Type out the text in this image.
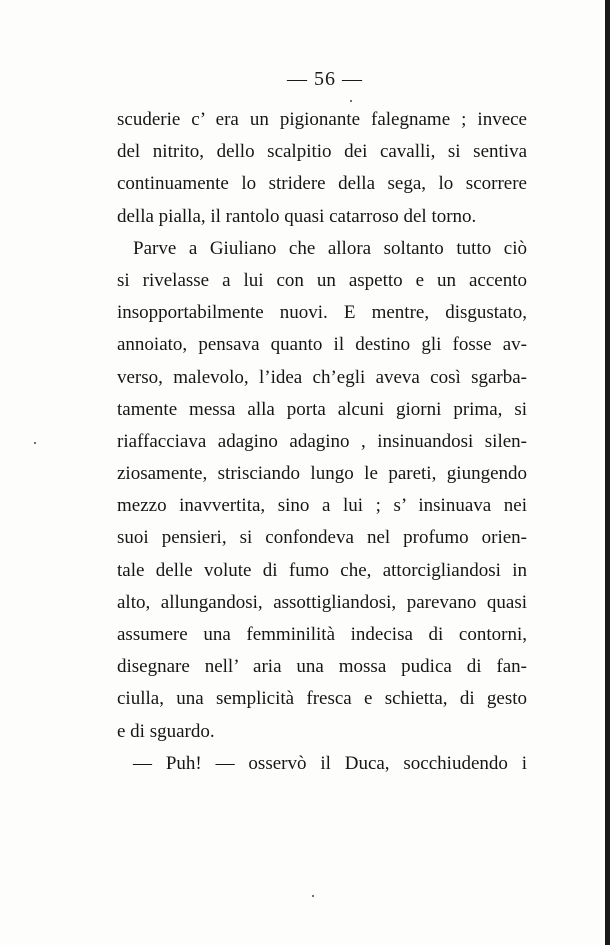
— 56 —
scuderie c’ era un pigionante falegname ; invece
del nitrito, dello scalpitio dei cavalli, si sentiva
continuamente lo stridere della sega, lo scorrere
della pialla, il rantolo quasi catarroso del torno.
Parve a Giuliano che allora soltanto tutto ciò
si rivelasse a lui con un aspetto e un accento
insopportabilmente nuovi. E mentre, disgustato,
annoiato, pensava quanto il destino gli fosse av-
verso, malevolo, l’idea ch’egli aveva così sgarba-
tamente messa alla porta alcuni giorni prima, si
riaffacciava adagino adagino , insinuandosi silen-
ziosamente, strisciando lungo le pareti, giungendo
mezzo inavvertita, sino a lui ; s’ insinuava nei
suoi pensieri, si confondeva nel profumo orien-
tale delle volute di fumo che, attorcigliandosi in
alto, allungandosi, assottigliandosi, parevano quasi
assumere una femminilità indecisa di contorni,
disegnare nell’ aria una mossa pudica di fan-
ciulla, una semplicità fresca e schietta, di gesto
e di sguardo.
— Puh! — osservò il Duca, socchiudendo i
